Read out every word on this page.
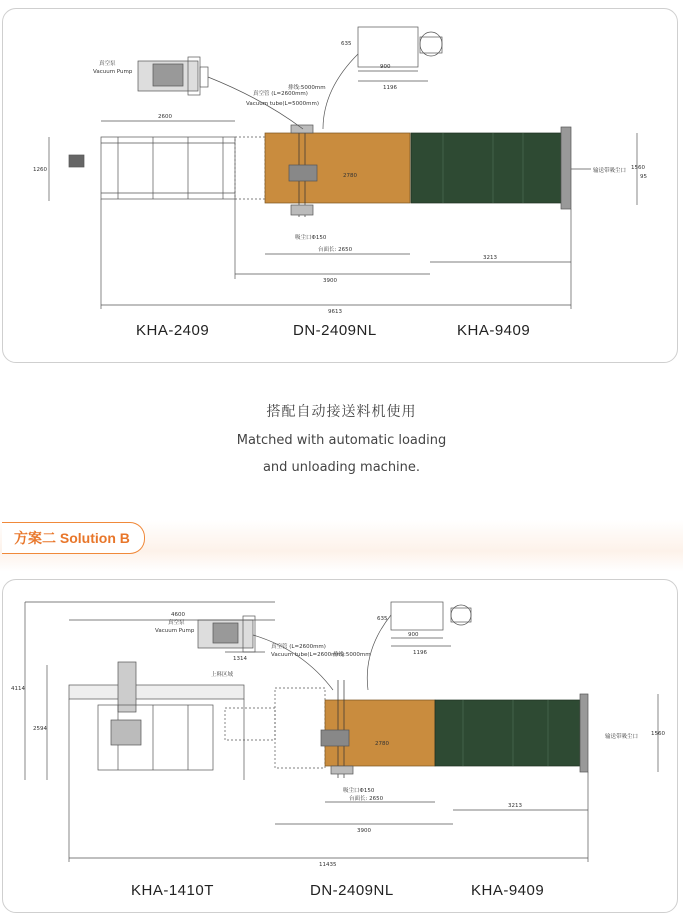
真空泵
Vacuum Pump
真空管 (L=2600mm)
Vacuum tube(L=5000mm)
排线:5000mm
吸尘口Φ150
台面长: 2650
输送带吸尘口
2600
900
1196
635
1260
2780
3900
3213
9613
1560
95
KHA-2409	DN-2409NL	KHA-9409
搭配自动接送料机使用
Matched with automatic loading
and unloading machine.
方案二 Solution B
真空泵
Vacuum Pump
真空管 (L=2600mm)
Vacuum tube(L=2600mm)
排线:5000mm
吸尘口Φ150
台面长: 2650
输送带吸尘口
上料区域
4600
1314
900
1196
635
4114
2594
2780
3900
3213
11435
1560
KHA-1410T	DN-2409NL	KHA-9409
